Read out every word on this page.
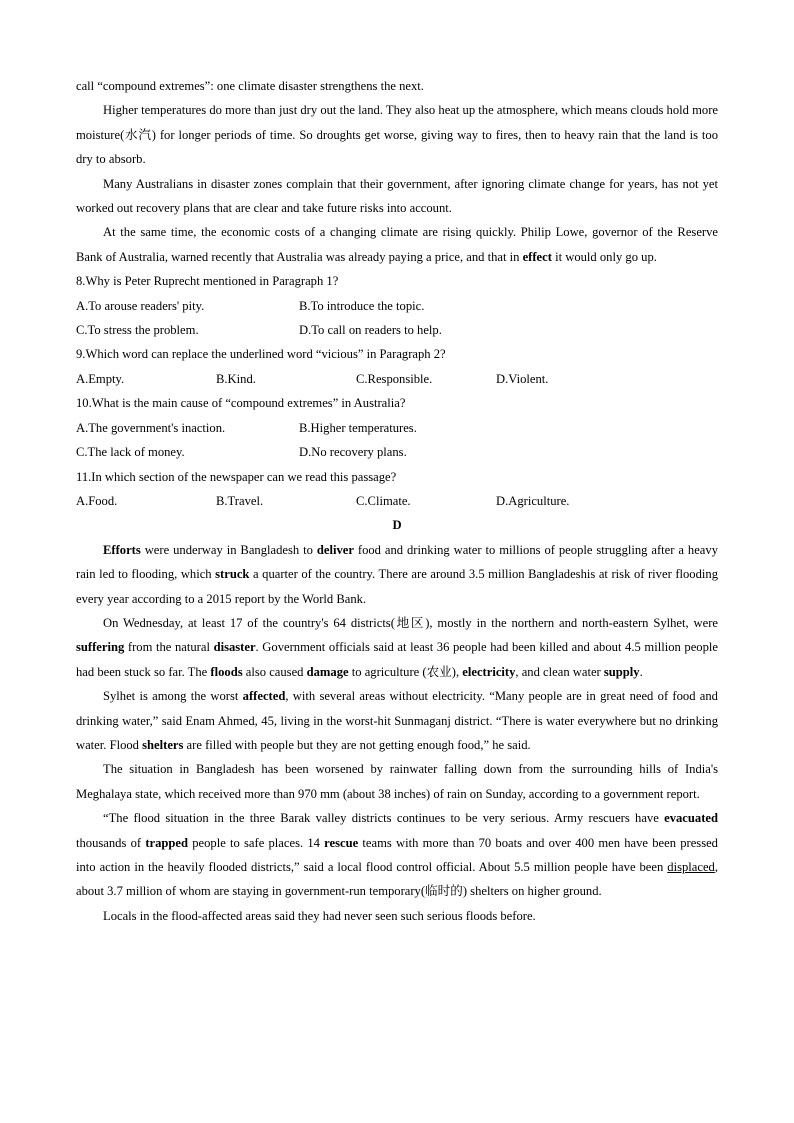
call “compound extremes”: one climate disaster strengthens the next.

Higher temperatures do more than just dry out the land. They also heat up the atmosphere, which means clouds hold more moisture(水汽) for longer periods of time. So droughts get worse, giving way to fires, then to heavy rain that the land is too dry to absorb.

Many Australians in disaster zones complain that their government, after ignoring climate change for years, has not yet worked out recovery plans that are clear and take future risks into account.

At the same time, the economic costs of a changing climate are rising quickly. Philip Lowe, governor of the Reserve Bank of Australia, warned recently that Australia was already paying a price, and that in effect it would only go up.

8.Why is Peter Ruprecht mentioned in Paragraph 1?

A.To arouse readers' pity.	B.To introduce the topic.
C.To stress the problem.	D.To call on readers to help.

9.Which word can replace the underlined word “vicious” in Paragraph 2?

A.Empty.	B.Kind.	C.Responsible.	D.Violent.

10.What is the main cause of “compound extremes” in Australia?

A.The government's inaction.	B.Higher temperatures.
C.The lack of money.	D.No recovery plans.

11.In which section of the newspaper can we read this passage?

A.Food.	B.Travel.	C.Climate.	D.Agriculture.

D

Efforts were underway in Bangladesh to deliver food and drinking water to millions of people struggling after a heavy rain led to flooding, which struck a quarter of the country. There are around 3.5 million Bangladeshis at risk of river flooding every year according to a 2015 report by the World Bank.

On Wednesday, at least 17 of the country's 64 districts(地区), mostly in the northern and north-eastern Sylhet, were suffering from the natural disaster. Government officials said at least 36 people had been killed and about 4.5 million people had been stuck so far. The floods also caused damage to agriculture (农业), electricity, and clean water supply.

Sylhet is among the worst affected, with several areas without electricity. “Many people are in great need of food and drinking water,” said Enam Ahmed, 45, living in the worst-hit Sunmaganj district. “There is water everywhere but no drinking water. Flood shelters are filled with people but they are not getting enough food,” he said.

The situation in Bangladesh has been worsened by rainwater falling down from the surrounding hills of India's Meghalaya state, which received more than 970 mm (about 38 inches) of rain on Sunday, according to a government report.

“The flood situation in the three Barak valley districts continues to be very serious. Army rescuers have evacuated thousands of trapped people to safe places. 14 rescue teams with more than 70 boats and over 400 men have been pressed into action in the heavily flooded districts,” said a local flood control official. About 5.5 million people have been displaced, about 3.7 million of whom are staying in government-run temporary(临时的) shelters on higher ground.

Locals in the flood-affected areas said they had never seen such serious floods before.
